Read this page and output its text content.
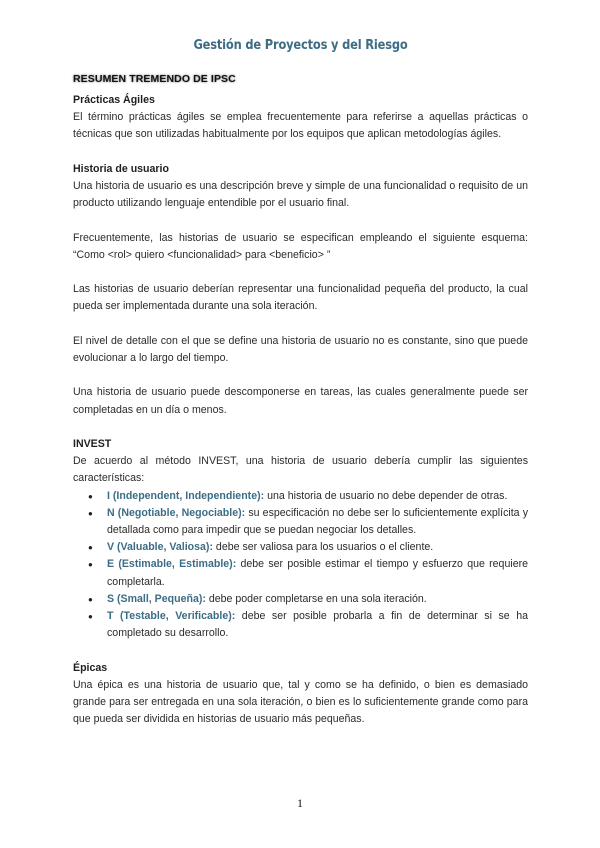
Gestión de Proyectos y del Riesgo
RESUMEN TREMENDO DE IPSC
Prácticas Ágiles

El término prácticas ágiles se emplea frecuentemente para referirse a aquellas prácticas o técnicas que son utilizadas habitualmente por los equipos que aplican metodologías ágiles.

Historia de usuario

Una historia de usuario es una descripción breve y simple de una funcionalidad o requisito de un producto utilizando lenguaje entendible por el usuario final.

Frecuentemente, las historias de usuario se especifican empleando el siguiente esquema: “Como <rol> quiero <funcionalidad> para <beneficio> ”

Las historias de usuario deberían representar una funcionalidad pequeña del producto, la cual pueda ser implementada durante una sola iteración.

El nivel de detalle con el que se define una historia de usuario no es constante, sino que puede evolucionar a lo largo del tiempo.

Una historia de usuario puede descomponerse en tareas, las cuales generalmente puede ser completadas en un día o menos.

INVEST

De acuerdo al método INVEST, una historia de usuario debería cumplir las siguientes características:

● I (Independent, Independiente): una historia de usuario no debe depender de otras.
● N (Negotiable, Negociable): su especificación no debe ser lo suficientemente explícita y detallada como para impedir que se puedan negociar los detalles.
● V (Valuable, Valiosa): debe ser valiosa para los usuarios o el cliente.
● E (Estimable, Estimable): debe ser posible estimar el tiempo y esfuerzo que requiere completarla.
● S (Small, Pequeña): debe poder completarse en una sola iteración.
● T (Testable, Verificable): debe ser posible probarla a fin de determinar si se ha completado su desarrollo.
Épicas

Una épica es una historia de usuario que, tal y como se ha definido, o bien es demasiado grande para ser entregada en una sola iteración, o bien es lo suficientemente grande como para que pueda ser dividida en historias de usuario más pequeñas.

1
